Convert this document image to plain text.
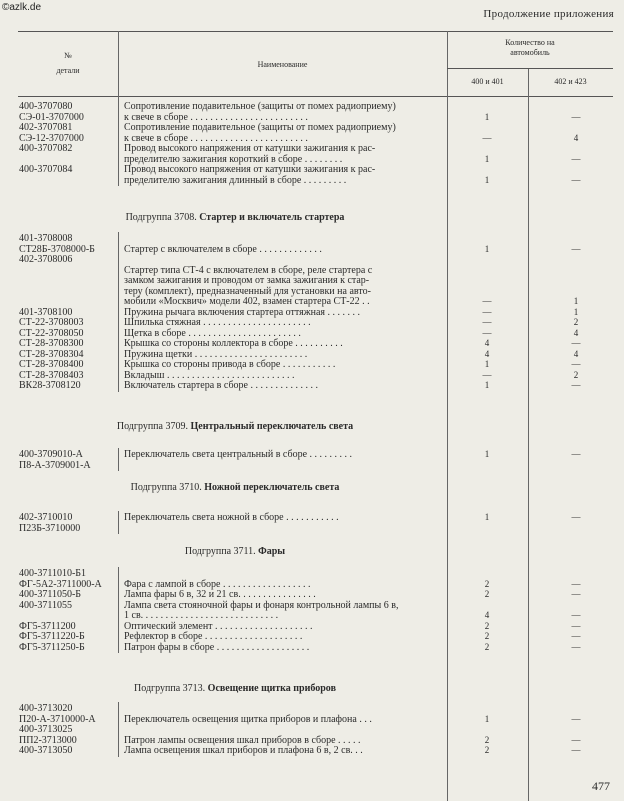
©azlk.de
Продолжение приложения
№
детали
Наименование
Количество на
автомобиль
400 и 401	402 и 423
400-3707080	Сопротивление подавительное (защиты от помех радиоприему)
СЭ-01-3707000	к свече в сборе . . . . . . . . . . . . . . . . . . . . . . . .	1	—
402-3707081	Сопротивление подавительное (защиты от помех радиоприему)
СЭ-12-3707000	к свече в сборе . . . . . . . . . . . . . . . . . . . . . . . .	—	4
400-3707082	Провод высокого напряжения от катушки зажигания к рас-
пределителю зажигания короткий в сборе . . . . . . . .	1	—
400-3707084	Провод высокого напряжения от катушки зажигания к рас-
пределителю зажигания длинный в сборе . . . . . . . . .	1	—
Подгруппа 3708. Стартер и включатель стартера
401-3708008
СТ28Б-3708000-Б	Стартер с включателем в сборе . . . . . . . . . . . . .	1	—
402-3708006
Стартер типа СТ-4 с включателем в сборе, реле стартера с
замком зажигания и проводом от замка зажигания к стар-
теру (комплект), предназначенный для установки на авто-
мобили «Москвич» модели 402, взамен стартера СТ-22 . .	—	1
401-3708100	Пружина рычага включения стартера оттяжная . . . . . . .	—	1
СТ-22-3708003	Шпилька стяжная . . . . . . . . . . . . . . . . . . . . . .	—	2
СТ-22-3708050	Щетка в сборе . . . . . . . . . . . . . . . . . . . . . . .	—	4
СТ-28-3708300	Крышка со стороны коллектора в сборе . . . . . . . . . .	4	—
СТ-28-3708304	Пружина щетки . . . . . . . . . . . . . . . . . . . . . . .	4	4
СТ-28-3708400	Крышка со стороны привода в сборе . . . . . . . . . . .	1	—
СТ-28-3708403	Вкладыш . . . . . . . . . . . . . . . . . . . . . . . . . .	—	2
ВК28-3708120	Включатель стартера в сборе . . . . . . . . . . . . . .	1	—
Подгруппа 3709. Центральный переключатель света
400-3709010-А	Переключатель света центральный в сборе . . . . . . . . .	1	—
П8-А-3709001-А
Подгруппа 3710. Ножной переключатель света
402-3710010	Переключатель света ножной в сборе . . . . . . . . . . .	1	—
П23Б-3710000
Подгруппа 3711. Фары
400-3711010-Б1
ФГ-5А2-3711000-А Фара с лампой в сборе . . . . . . . . . . . . . . . . . .	2	—
400-3711050-Б	Лампа фары 6 в, 32 и 21 св. . . . . . . . . . . . . . . .	2	—
400-3711055	Лампа света стояночной фары и фонаря контрольной лампы 6 в,
1 св. . . . . . . . . . . . . . . . . . . . . . . . . . . .	4	—
ФГ5-3711200	Оптический элемент . . . . . . . . . . . . . . . . . . . .	2	—
ФГ5-3711220-Б	Рефлектор в сборе . . . . . . . . . . . . . . . . . . . .	2	—
ФГ5-3711250-Б	Патрон фары в сборе . . . . . . . . . . . . . . . . . . .	2	—
Подгруппа 3713. Освещение щитка приборов
400-3713020
П20-А-3710000-А	Переключатель освещения щитка приборов и плафона . . .	1	—
400-3713025
ПП2-3713000	Патрон лампы освещения шкал приборов в сборе . . . . .	2	—
400-3713050	Лампа освещения шкал приборов и плафона 6 в, 2 св. . .	2	—
477
